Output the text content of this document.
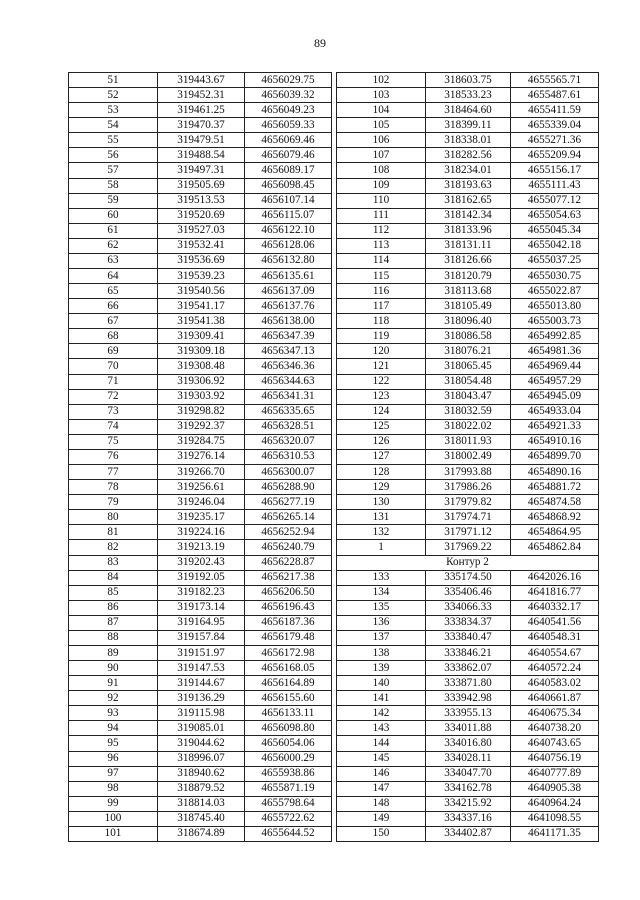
89
51	319443.67	4656029.75
52	319452.31	4656039.32
53	319461.25	4656049.23
54	319470.37	4656059.33
55	319479.51	4656069.46
56	319488.54	4656079.46
57	319497.31	4656089.17
58	319505.69	4656098.45
59	319513.53	4656107.14
60	319520.69	4656115.07
61	319527.03	4656122.10
62	319532.41	4656128.06
63	319536.69	4656132.80
64	319539.23	4656135.61
65	319540.56	4656137.09
66	319541.17	4656137.76
67	319541.38	4656138.00
68	319309.41	4656347.39
69	319309.18	4656347.13
70	319308.48	4656346.36
71	319306.92	4656344.63
72	319303.92	4656341.31
73	319298.82	4656335.65
74	319292.37	4656328.51
75	319284.75	4656320.07
76	319276.14	4656310.53
77	319266.70	4656300.07
78	319256.61	4656288.90
79	319246.04	4656277.19
80	319235.17	4656265.14
81	319224.16	4656252.94
82	319213.19	4656240.79
83	319202.43	4656228.87
84	319192.05	4656217.38
85	319182.23	4656206.50
86	319173.14	4656196.43
87	319164.95	4656187.36
88	319157.84	4656179.48
89	319151.97	4656172.98
90	319147.53	4656168.05
91	319144.67	4656164.89
92	319136.29	4656155.60
93	319115.98	4656133.11
94	319085.01	4656098.80
95	319044.62	4656054.06
96	318996.07	4656000.29
97	318940.62	4655938.86
98	318879.52	4655871.19
99	318814.03	4655798.64
100	318745.40	4655722.62
101	318674.89	4655644.52
102	318603.75	4655565.71
103	318533.23	4655487.61
104	318464.60	4655411.59
105	318399.11	4655339.04
106	318338.01	4655271.36
107	318282.56	4655209.94
108	318234.01	4655156.17
109	318193.63	4655111.43
110	318162.65	4655077.12
111	318142.34	4655054.63
112	318133.96	4655045.34
113	318131.11	4655042.18
114	318126.66	4655037.25
115	318120.79	4655030.75
116	318113.68	4655022.87
117	318105.49	4655013.80
118	318096.40	4655003.73
119	318086.58	4654992.85
120	318076.21	4654981.36
121	318065.45	4654969.44
122	318054.48	4654957.29
123	318043.47	4654945.09
124	318032.59	4654933.04
125	318022.02	4654921.33
126	318011.93	4654910.16
127	318002.49	4654899.70
128	317993.88	4654890.16
129	317986.26	4654881.72
130	317979.82	4654874.58
131	317974.71	4654868.92
132	317971.12	4654864.95
1	317969.22	4654862.84
Контур 2		
133	335174.50	4642026.16
134	335406.46	4641816.77
135	334066.33	4640332.17
136	333834.37	4640541.56
137	333840.47	4640548.31
138	333846.21	4640554.67
139	333862.07	4640572.24
140	333871.80	4640583.02
141	333942.98	4640661.87
142	333955.13	4640675.34
143	334011.88	4640738.20
144	334016.80	4640743.65
145	334028.11	4640756.19
146	334047.70	4640777.89
147	334162.78	4640905.38
148	334215.92	4640964.24
149	334337.16	4641098.55
150	334402.87	4641171.35
